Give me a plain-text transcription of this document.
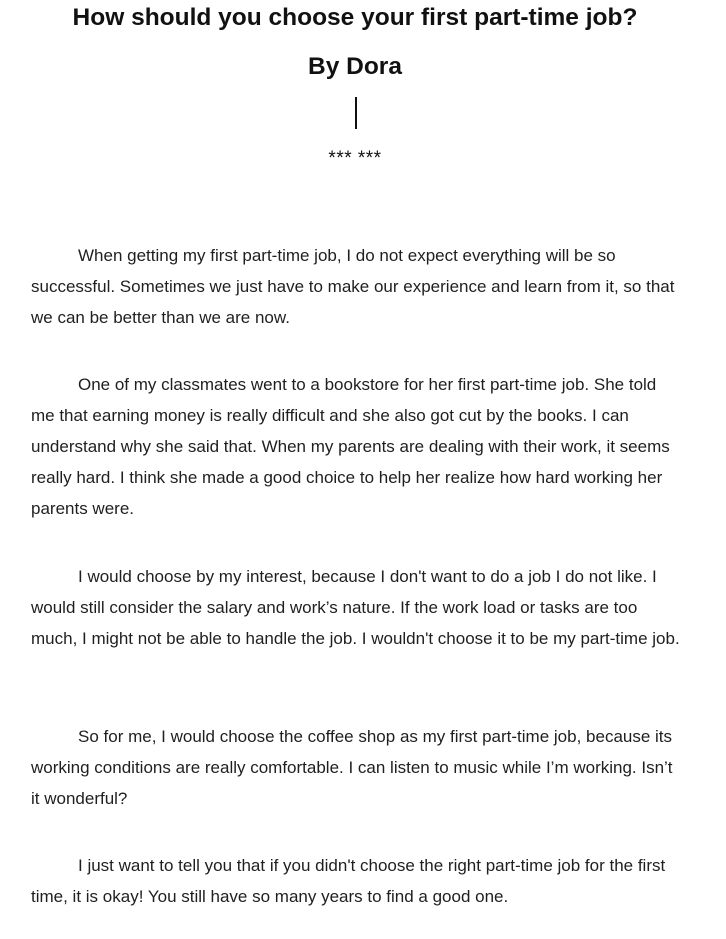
How should you choose your first part-time job?
By Dora
*** ***

When getting my first part-time job, I do not expect everything will be so successful. Sometimes we just have to make our experience and learn from it, so that we can be better than we are now.

One of my classmates went to a bookstore for her first part-time job. She told me that earning money is really difficult and she also got cut by the books. I can understand why she said that. When my parents are dealing with their work, it seems really hard. I think she made a good choice to help her realize how hard working her parents were.

I would choose by my interest, because I don't want to do a job I do not like. I would still consider the salary and work’s nature. If the work load or tasks are too much, I might not be able to handle the job. I wouldn't choose it to be my part-time job.

So for me, I would choose the coffee shop as my first part-time job, because its working conditions are really comfortable. I can listen to music while I’m working. Isn’t it wonderful?

I just want to tell you that if you didn't choose the right part-time job for the first time, it is okay! You still have so many years to find a good one.
